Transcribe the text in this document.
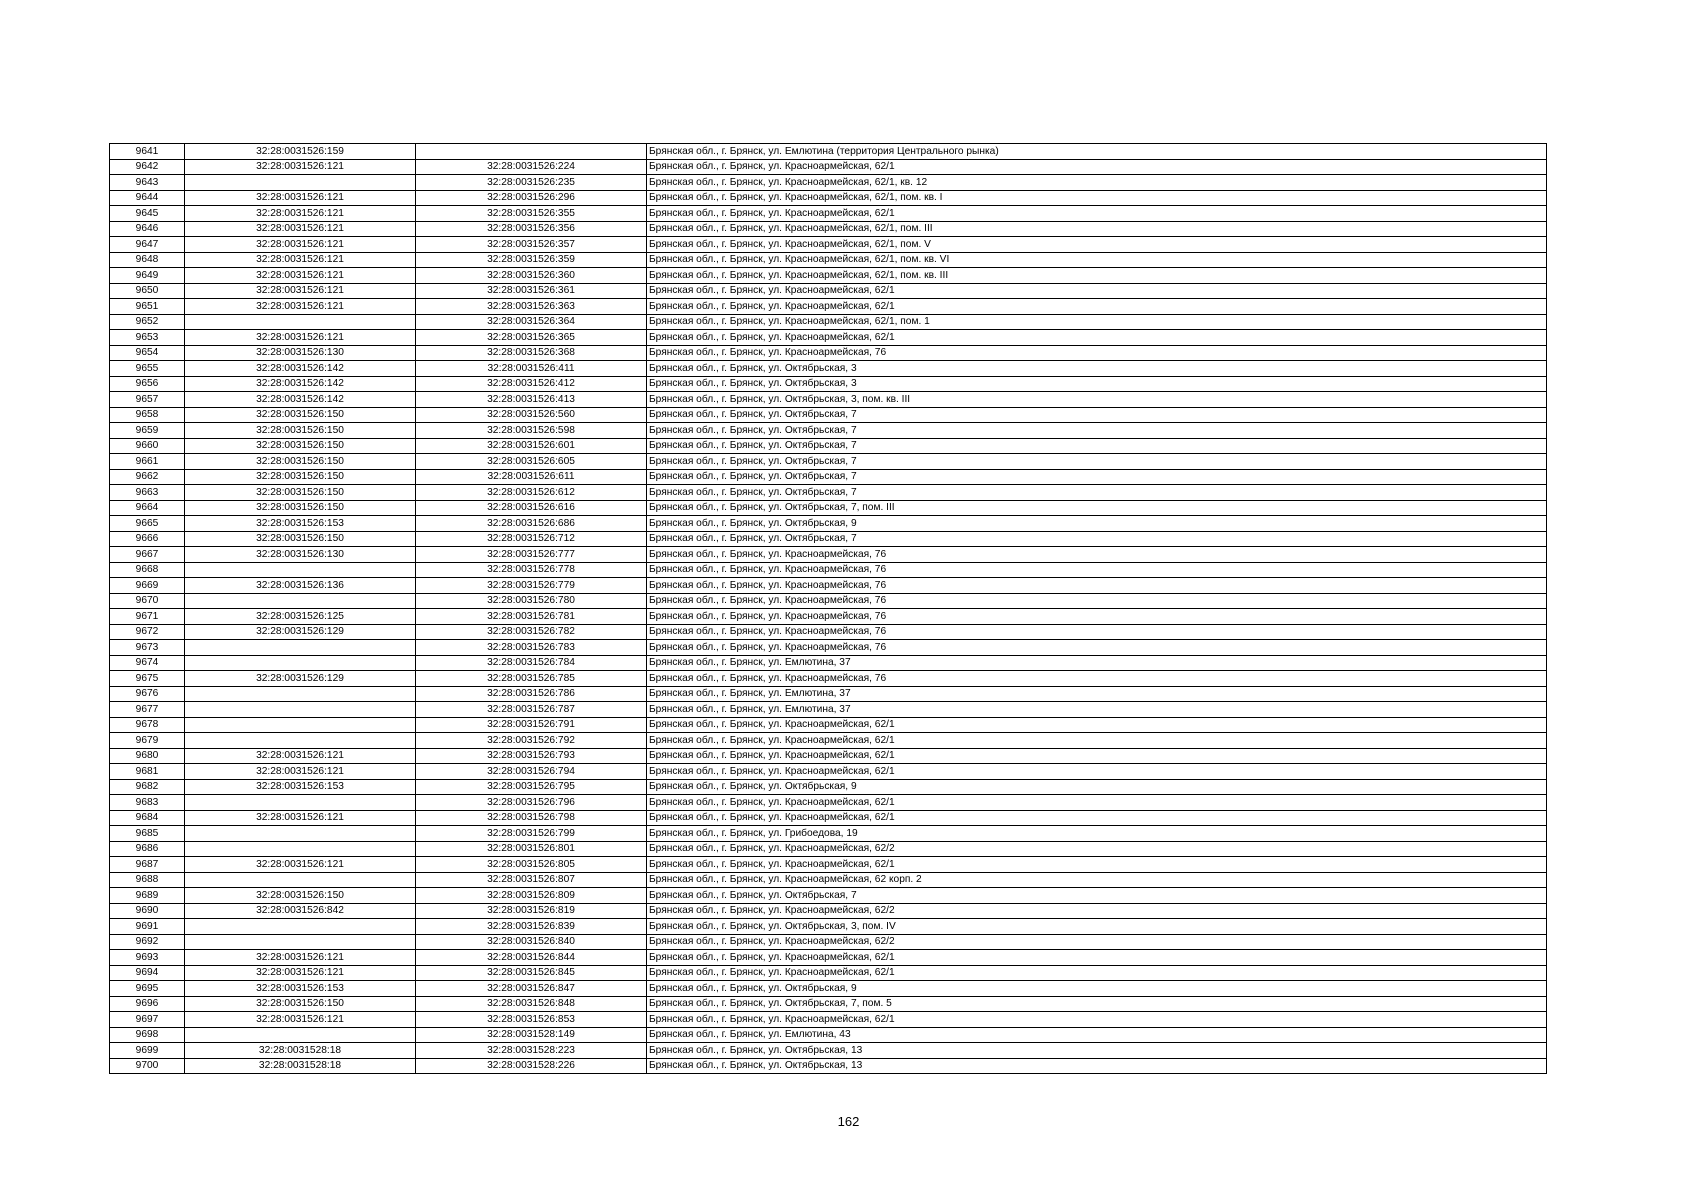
9641	32:28:0031526:159		Брянская обл., г. Брянск, ул. Емлютина (территория Центрального рынка)
9642	32:28:0031526:121	32:28:0031526:224	Брянская обл., г. Брянск, ул. Красноармейская, 62/1
9643		32:28:0031526:235	Брянская обл., г. Брянск, ул. Красноармейская, 62/1, кв. 12
9644	32:28:0031526:121	32:28:0031526:296	Брянская обл., г. Брянск, ул. Красноармейская, 62/1, пом. кв. I
9645	32:28:0031526:121	32:28:0031526:355	Брянская обл., г. Брянск, ул. Красноармейская, 62/1
9646	32:28:0031526:121	32:28:0031526:356	Брянская обл., г. Брянск, ул. Красноармейская, 62/1, пом. III
9647	32:28:0031526:121	32:28:0031526:357	Брянская обл., г. Брянск, ул. Красноармейская, 62/1, пом. V
9648	32:28:0031526:121	32:28:0031526:359	Брянская обл., г. Брянск, ул. Красноармейская, 62/1, пом. кв. VI
9649	32:28:0031526:121	32:28:0031526:360	Брянская обл., г. Брянск, ул. Красноармейская, 62/1, пом. кв. III
9650	32:28:0031526:121	32:28:0031526:361	Брянская обл., г. Брянск, ул. Красноармейская, 62/1
9651	32:28:0031526:121	32:28:0031526:363	Брянская обл., г. Брянск, ул. Красноармейская, 62/1
9652		32:28:0031526:364	Брянская обл., г. Брянск, ул. Красноармейская, 62/1, пом. 1
9653	32:28:0031526:121	32:28:0031526:365	Брянская обл., г. Брянск, ул. Красноармейская, 62/1
9654	32:28:0031526:130	32:28:0031526:368	Брянская обл., г. Брянск, ул. Красноармейская, 76
9655	32:28:0031526:142	32:28:0031526:411	Брянская обл., г. Брянск, ул. Октябрьская, 3
9656	32:28:0031526:142	32:28:0031526:412	Брянская обл., г. Брянск, ул. Октябрьская, 3
9657	32:28:0031526:142	32:28:0031526:413	Брянская обл., г. Брянск, ул. Октябрьская, 3, пом. кв. III
9658	32:28:0031526:150	32:28:0031526:560	Брянская обл., г. Брянск, ул. Октябрьская, 7
9659	32:28:0031526:150	32:28:0031526:598	Брянская обл., г. Брянск, ул. Октябрьская, 7
9660	32:28:0031526:150	32:28:0031526:601	Брянская обл., г. Брянск, ул. Октябрьская, 7
9661	32:28:0031526:150	32:28:0031526:605	Брянская обл., г. Брянск, ул. Октябрьская, 7
9662	32:28:0031526:150	32:28:0031526:611	Брянская обл., г. Брянск, ул. Октябрьская, 7
9663	32:28:0031526:150	32:28:0031526:612	Брянская обл., г. Брянск, ул. Октябрьская, 7
9664	32:28:0031526:150	32:28:0031526:616	Брянская обл., г. Брянск, ул. Октябрьская, 7, пом. III
9665	32:28:0031526:153	32:28:0031526:686	Брянская обл., г. Брянск, ул. Октябрьская, 9
9666	32:28:0031526:150	32:28:0031526:712	Брянская обл., г. Брянск, ул. Октябрьская, 7
9667	32:28:0031526:130	32:28:0031526:777	Брянская обл., г. Брянск, ул. Красноармейская, 76
9668		32:28:0031526:778	Брянская обл., г. Брянск, ул. Красноармейская, 76
9669	32:28:0031526:136	32:28:0031526:779	Брянская обл., г. Брянск, ул. Красноармейская, 76
9670		32:28:0031526:780	Брянская обл., г. Брянск, ул. Красноармейская, 76
9671	32:28:0031526:125	32:28:0031526:781	Брянская обл., г. Брянск, ул. Красноармейская, 76
9672	32:28:0031526:129	32:28:0031526:782	Брянская обл., г. Брянск, ул. Красноармейская, 76
9673		32:28:0031526:783	Брянская обл., г. Брянск, ул. Красноармейская, 76
9674		32:28:0031526:784	Брянская обл., г. Брянск, ул. Емлютина, 37
9675	32:28:0031526:129	32:28:0031526:785	Брянская обл., г. Брянск, ул. Красноармейская, 76
9676		32:28:0031526:786	Брянская обл., г. Брянск, ул. Емлютина, 37
9677		32:28:0031526:787	Брянская обл., г. Брянск, ул. Емлютина, 37
9678		32:28:0031526:791	Брянская обл., г. Брянск, ул. Красноармейская, 62/1
9679		32:28:0031526:792	Брянская обл., г. Брянск, ул. Красноармейская, 62/1
9680	32:28:0031526:121	32:28:0031526:793	Брянская обл., г. Брянск, ул. Красноармейская, 62/1
9681	32:28:0031526:121	32:28:0031526:794	Брянская обл., г. Брянск, ул. Красноармейская, 62/1
9682	32:28:0031526:153	32:28:0031526:795	Брянская обл., г. Брянск, ул. Октябрьская, 9
9683		32:28:0031526:796	Брянская обл., г. Брянск, ул. Красноармейская, 62/1
9684	32:28:0031526:121	32:28:0031526:798	Брянская обл., г. Брянск, ул. Красноармейская, 62/1
9685		32:28:0031526:799	Брянская обл., г. Брянск, ул. Грибоедова, 19
9686		32:28:0031526:801	Брянская обл., г. Брянск, ул. Красноармейская, 62/2
9687	32:28:0031526:121	32:28:0031526:805	Брянская обл., г. Брянск, ул. Красноармейская, 62/1
9688		32:28:0031526:807	Брянская обл., г. Брянск, ул. Красноармейская, 62 корп. 2
9689	32:28:0031526:150	32:28:0031526:809	Брянская обл., г. Брянск, ул. Октябрьская, 7
9690	32:28:0031526:842	32:28:0031526:819	Брянская обл., г. Брянск, ул. Красноармейская, 62/2
9691		32:28:0031526:839	Брянская обл., г. Брянск, ул. Октябрьская, 3, пом. IV
9692		32:28:0031526:840	Брянская обл., г. Брянск, ул. Красноармейская, 62/2
9693	32:28:0031526:121	32:28:0031526:844	Брянская обл., г. Брянск, ул. Красноармейская, 62/1
9694	32:28:0031526:121	32:28:0031526:845	Брянская обл., г. Брянск, ул. Красноармейская, 62/1
9695	32:28:0031526:153	32:28:0031526:847	Брянская обл., г. Брянск, ул. Октябрьская, 9
9696	32:28:0031526:150	32:28:0031526:848	Брянская обл., г. Брянск, ул. Октябрьская, 7, пом. 5
9697	32:28:0031526:121	32:28:0031526:853	Брянская обл., г. Брянск, ул. Красноармейская, 62/1
9698		32:28:0031528:149	Брянская обл., г. Брянск, ул. Емлютина, 43
9699	32:28:0031528:18	32:28:0031528:223	Брянская обл., г. Брянск, ул. Октябрьская, 13
9700	32:28:0031528:18	32:28:0031528:226	Брянская обл., г. Брянск, ул. Октябрьская, 13
162
